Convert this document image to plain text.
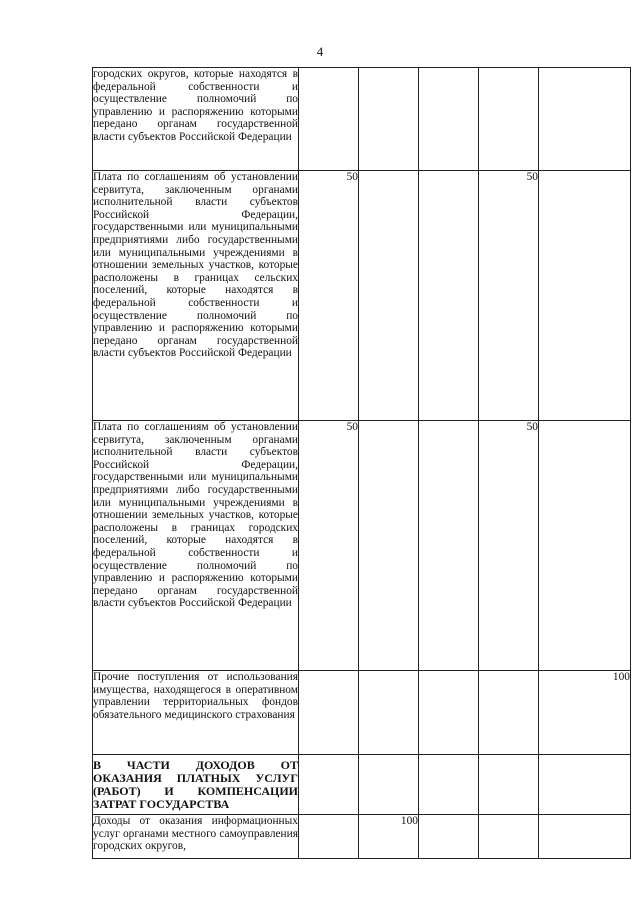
4
городских округов, которые находятся в федеральной собственности и осуществление полномочий по управлению и распоряжению которыми передано органам государственной власти субъектов Российской Федерации					
Плата по соглашениям об установлении сервитута, заключенным органами исполнительной власти субъектов Российской Федерации, государственными или муниципальными предприятиями либо государственными или муниципальными учреждениями в отношении земельных участков, которые расположены в границах сельских поселений, которые находятся в федеральной собственности и осуществление полномочий по управлению и распоряжению которыми передано органам государственной власти субъектов Российской Федерации	50			50	
Плата по соглашениям об установлении сервитута, заключенным органами исполнительной власти субъектов Российской Федерации, государственными или муниципальными предприятиями либо государственными или муниципальными учреждениями в отношении земельных участков, которые расположены в границах городских поселений, которые находятся в федеральной собственности и осуществление полномочий по управлению и распоряжению которыми передано органам государственной власти субъектов Российской Федерации	50			50	
Прочие поступления от использования имущества, находящегося в оперативном управлении территориальных фондов обязательного медицинского страхования					100
В ЧАСТИ ДОХОДОВ ОТ ОКАЗАНИЯ ПЛАТНЫХ УСЛУГ (РАБОТ) И КОМПЕНСАЦИИ ЗАТРАТ ГОСУДАРСТВА					
Доходы от оказания информационных услуг органами местного самоуправления городских округов,		100			
